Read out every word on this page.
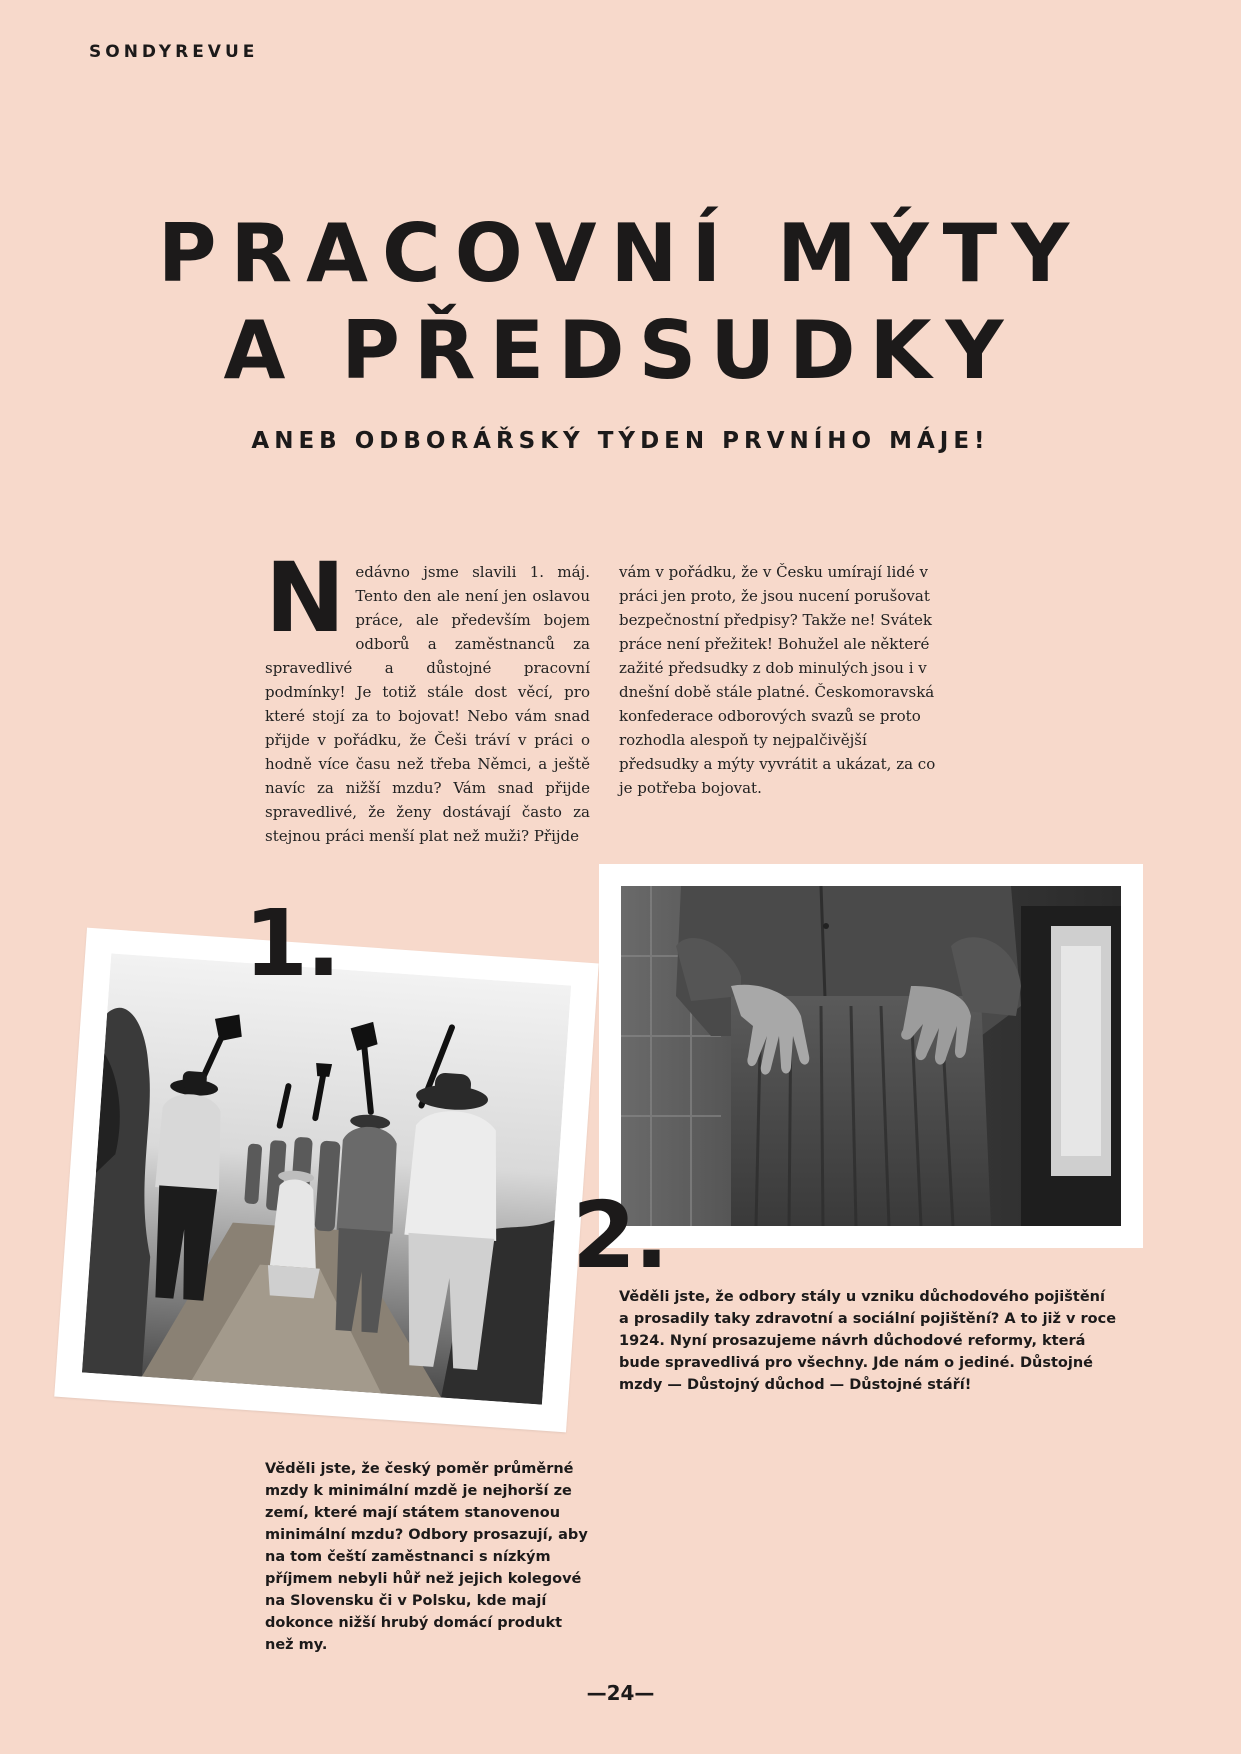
SONDYREVUE
PRACOVNÍ MÝTY
A PŘEDSUDKY
ANEB ODBORÁŘSKÝ TÝDEN PRVNÍHO MÁJE!
N edávno jsme slavili 1. máj. Tento den ale není jen oslavou práce, ale především bojem odborů a zaměstnanců za spravedlivé a důstojné pracovní podmínky! Je totiž stále dost věcí, pro které stojí za to bojovat! Nebo vám snad přijde v pořádku, že Češi tráví v práci o hodně více času než třeba Němci, a ještě navíc za nižší mzdu? Vám snad přijde spravedlivé, že ženy dostávají často za stejnou práci menší plat než muži? Přijde
vám v pořádku, že v Česku umírají lidé v práci jen proto, že jsou nucení porušovat bezpečnostní předpisy? Takže ne! Svátek práce není přežitek! Bohužel ale některé zažité předsudky z dob minulých jsou i v dnešní době stále platné. Českomoravská konfederace odborových svazů se proto rozhodla alespoň ty nejpalčivější předsudky a mýty vyvrátit a ukázat, za co je potřeba bojovat.
1.
2.
Věděli jste, že odbory stály u vzniku důchodového pojištění a prosadily taky zdravotní a sociální pojištění? A to již v roce 1924. Nyní prosazujeme návrh důchodové reformy, která bude spravedlivá pro všechny. Jde nám o jediné. Důstojné mzdy — Důstojný důchod — Důstojné stáří!
Věděli jste, že český poměr průměrné mzdy k minimální mzdě je nejhorší ze zemí, které mají státem stanovenou minimální mzdu? Odbory prosazují, aby na tom čeští zaměstnanci s nízkým příjmem nebyli hůř než jejich kolegové na Slovensku či v Polsku, kde mají dokonce nižší hrubý domácí produkt než my.
—24—
